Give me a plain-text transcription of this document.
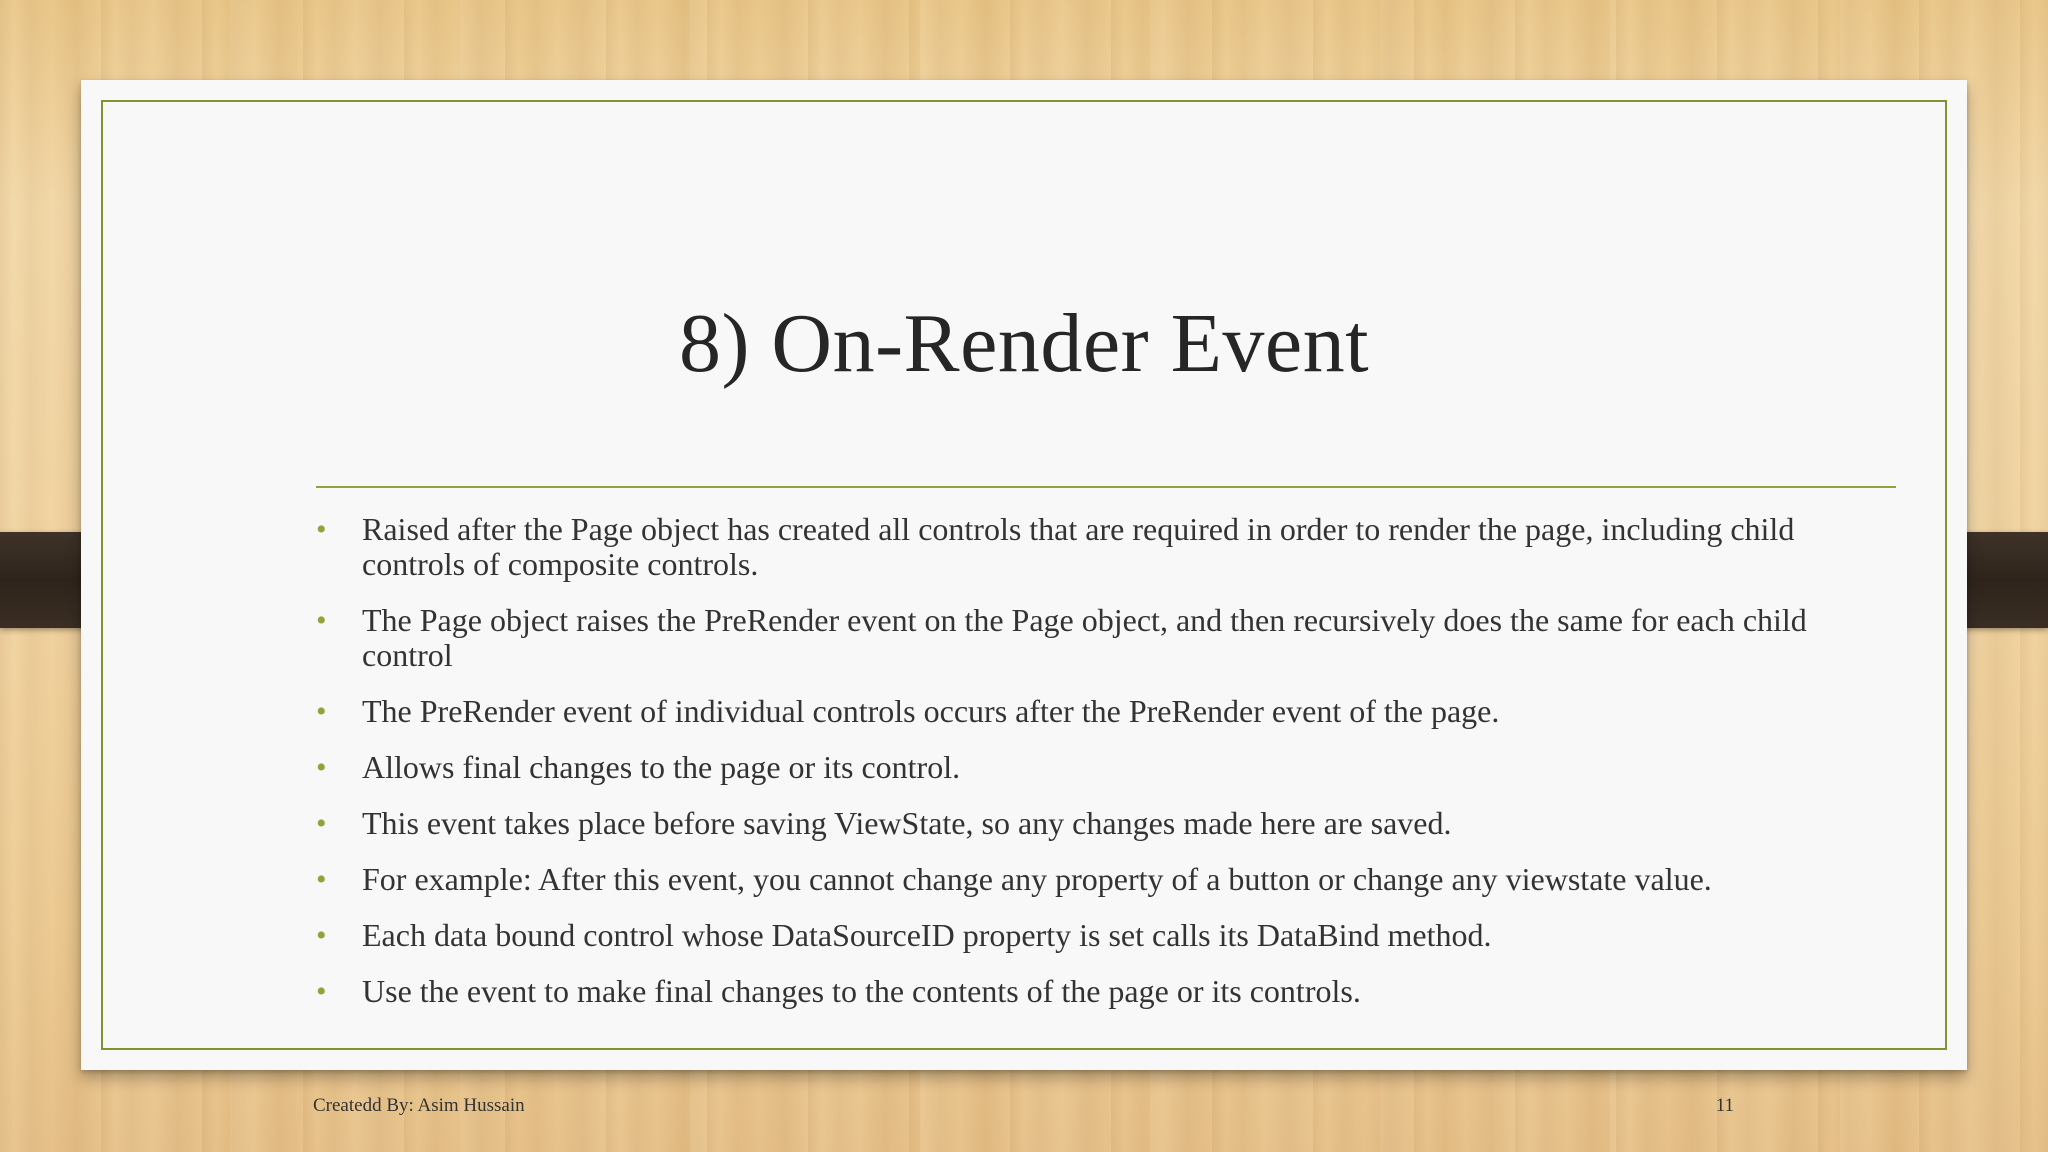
8) On-Render Event
• Raised after the Page object has created all controls that are required in order to render the page, including child controls of composite controls.
• The Page object raises the PreRender event on the Page object, and then recursively does the same for each child control
• The PreRender event of individual controls occurs after the PreRender event of the page.
• Allows final changes to the page or its control.
• This event takes place before saving ViewState, so any changes made here are saved.
• For example: After this event, you cannot change any property of a button or change any viewstate value.
• Each data bound control whose DataSourceID property is set calls its DataBind method.
• Use the event to make final changes to the contents of the page or its controls.
Createdd By: Asim Hussain	11
